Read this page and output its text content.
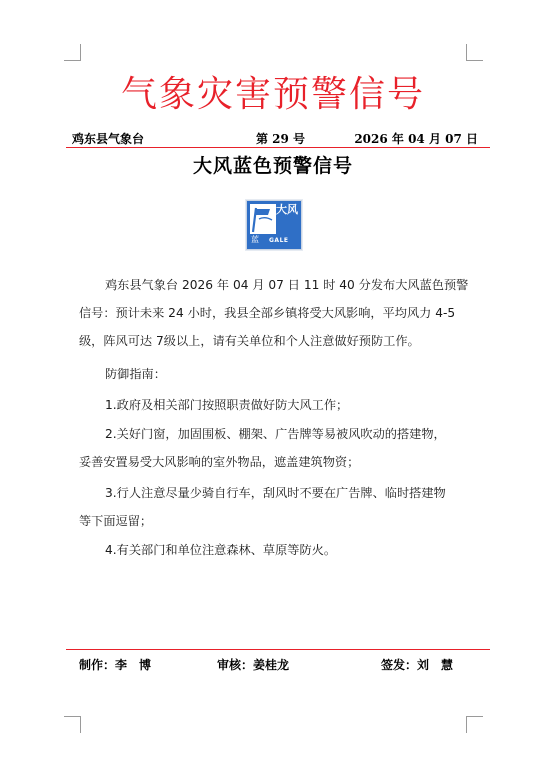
气象灾害预警信号
鸡东县气象台	第 29 号	2026 年 04 月 07 日
大风蓝色预警信号
大风
蓝 GALE
鸡东县气象台 2026 年 04 月 07 日 11 时 40 分发布大风蓝色预警
信号：预计未来 24 小时，我县全部乡镇将受大风影响，平均风力 4-5
级，阵风可达 7级以上，请有关单位和个人注意做好预防工作。
防御指南：
1.政府及相关部门按照职责做好防大风工作；
2.关好门窗，加固围板、棚架、广告牌等易被风吹动的搭建物，
妥善安置易受大风影响的室外物品，遮盖建筑物资；
3.行人注意尽量少骑自行车，刮风时不要在广告牌、临时搭建物
等下面逗留；
4.有关部门和单位注意森林、草原等防火。
制作：李　博	审核：姜桂龙	签发：刘　慧
